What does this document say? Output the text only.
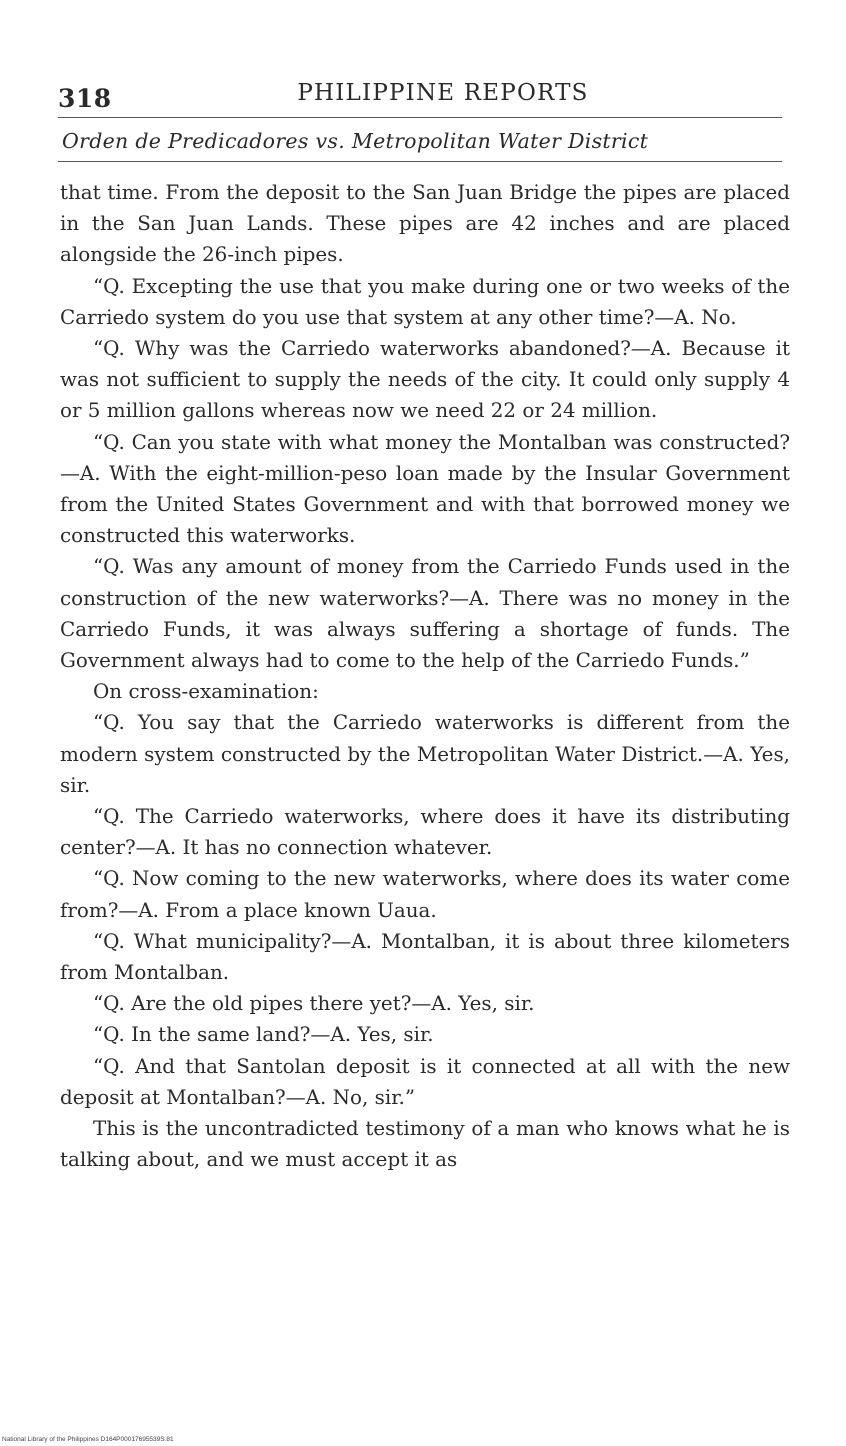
318	PHILIPPINE REPORTS
Orden de Predicadores vs. Metropolitan Water District

that time. From the deposit to the San Juan Bridge the pipes are placed in the San Juan Lands. These pipes are 42 inches and are placed alongside the 26-inch pipes.

“Q. Excepting the use that you make during one or two weeks of the Carriedo system do you use that system at any other time?—A. No.

“Q. Why was the Carriedo waterworks abandoned?—A. Because it was not sufficient to supply the needs of the city. It could only supply 4 or 5 million gallons whereas now we need 22 or 24 million.

“Q. Can you state with what money the Montalban was constructed?—A. With the eight-million-peso loan made by the Insular Government from the United States Government and with that borrowed money we constructed this waterworks.

“Q. Was any amount of money from the Carriedo Funds used in the construction of the new waterworks?—A. There was no money in the Carriedo Funds, it was always suffering a shortage of funds. The Government always had to come to the help of the Carriedo Funds.”

On cross-examination:

“Q. You say that the Carriedo waterworks is different from the modern system constructed by the Metropolitan Water District.—A. Yes, sir.

“Q. The Carriedo waterworks, where does it have its distributing center?—A. It has no connection whatever.

“Q. Now coming to the new waterworks, where does its water come from?—A. From a place known Uaua.

“Q. What municipality?—A. Montalban, it is about three kilometers from Montalban.

“Q. Are the old pipes there yet?—A. Yes, sir.

“Q. In the same land?—A. Yes, sir.

“Q. And that Santolan deposit is it connected at all with the new deposit at Montalban?—A. No, sir.”

This is the uncontradicted testimony of a man who knows what he is talking about, and we must accept it as

National Library of the Philippines D164P00017695539S.81
